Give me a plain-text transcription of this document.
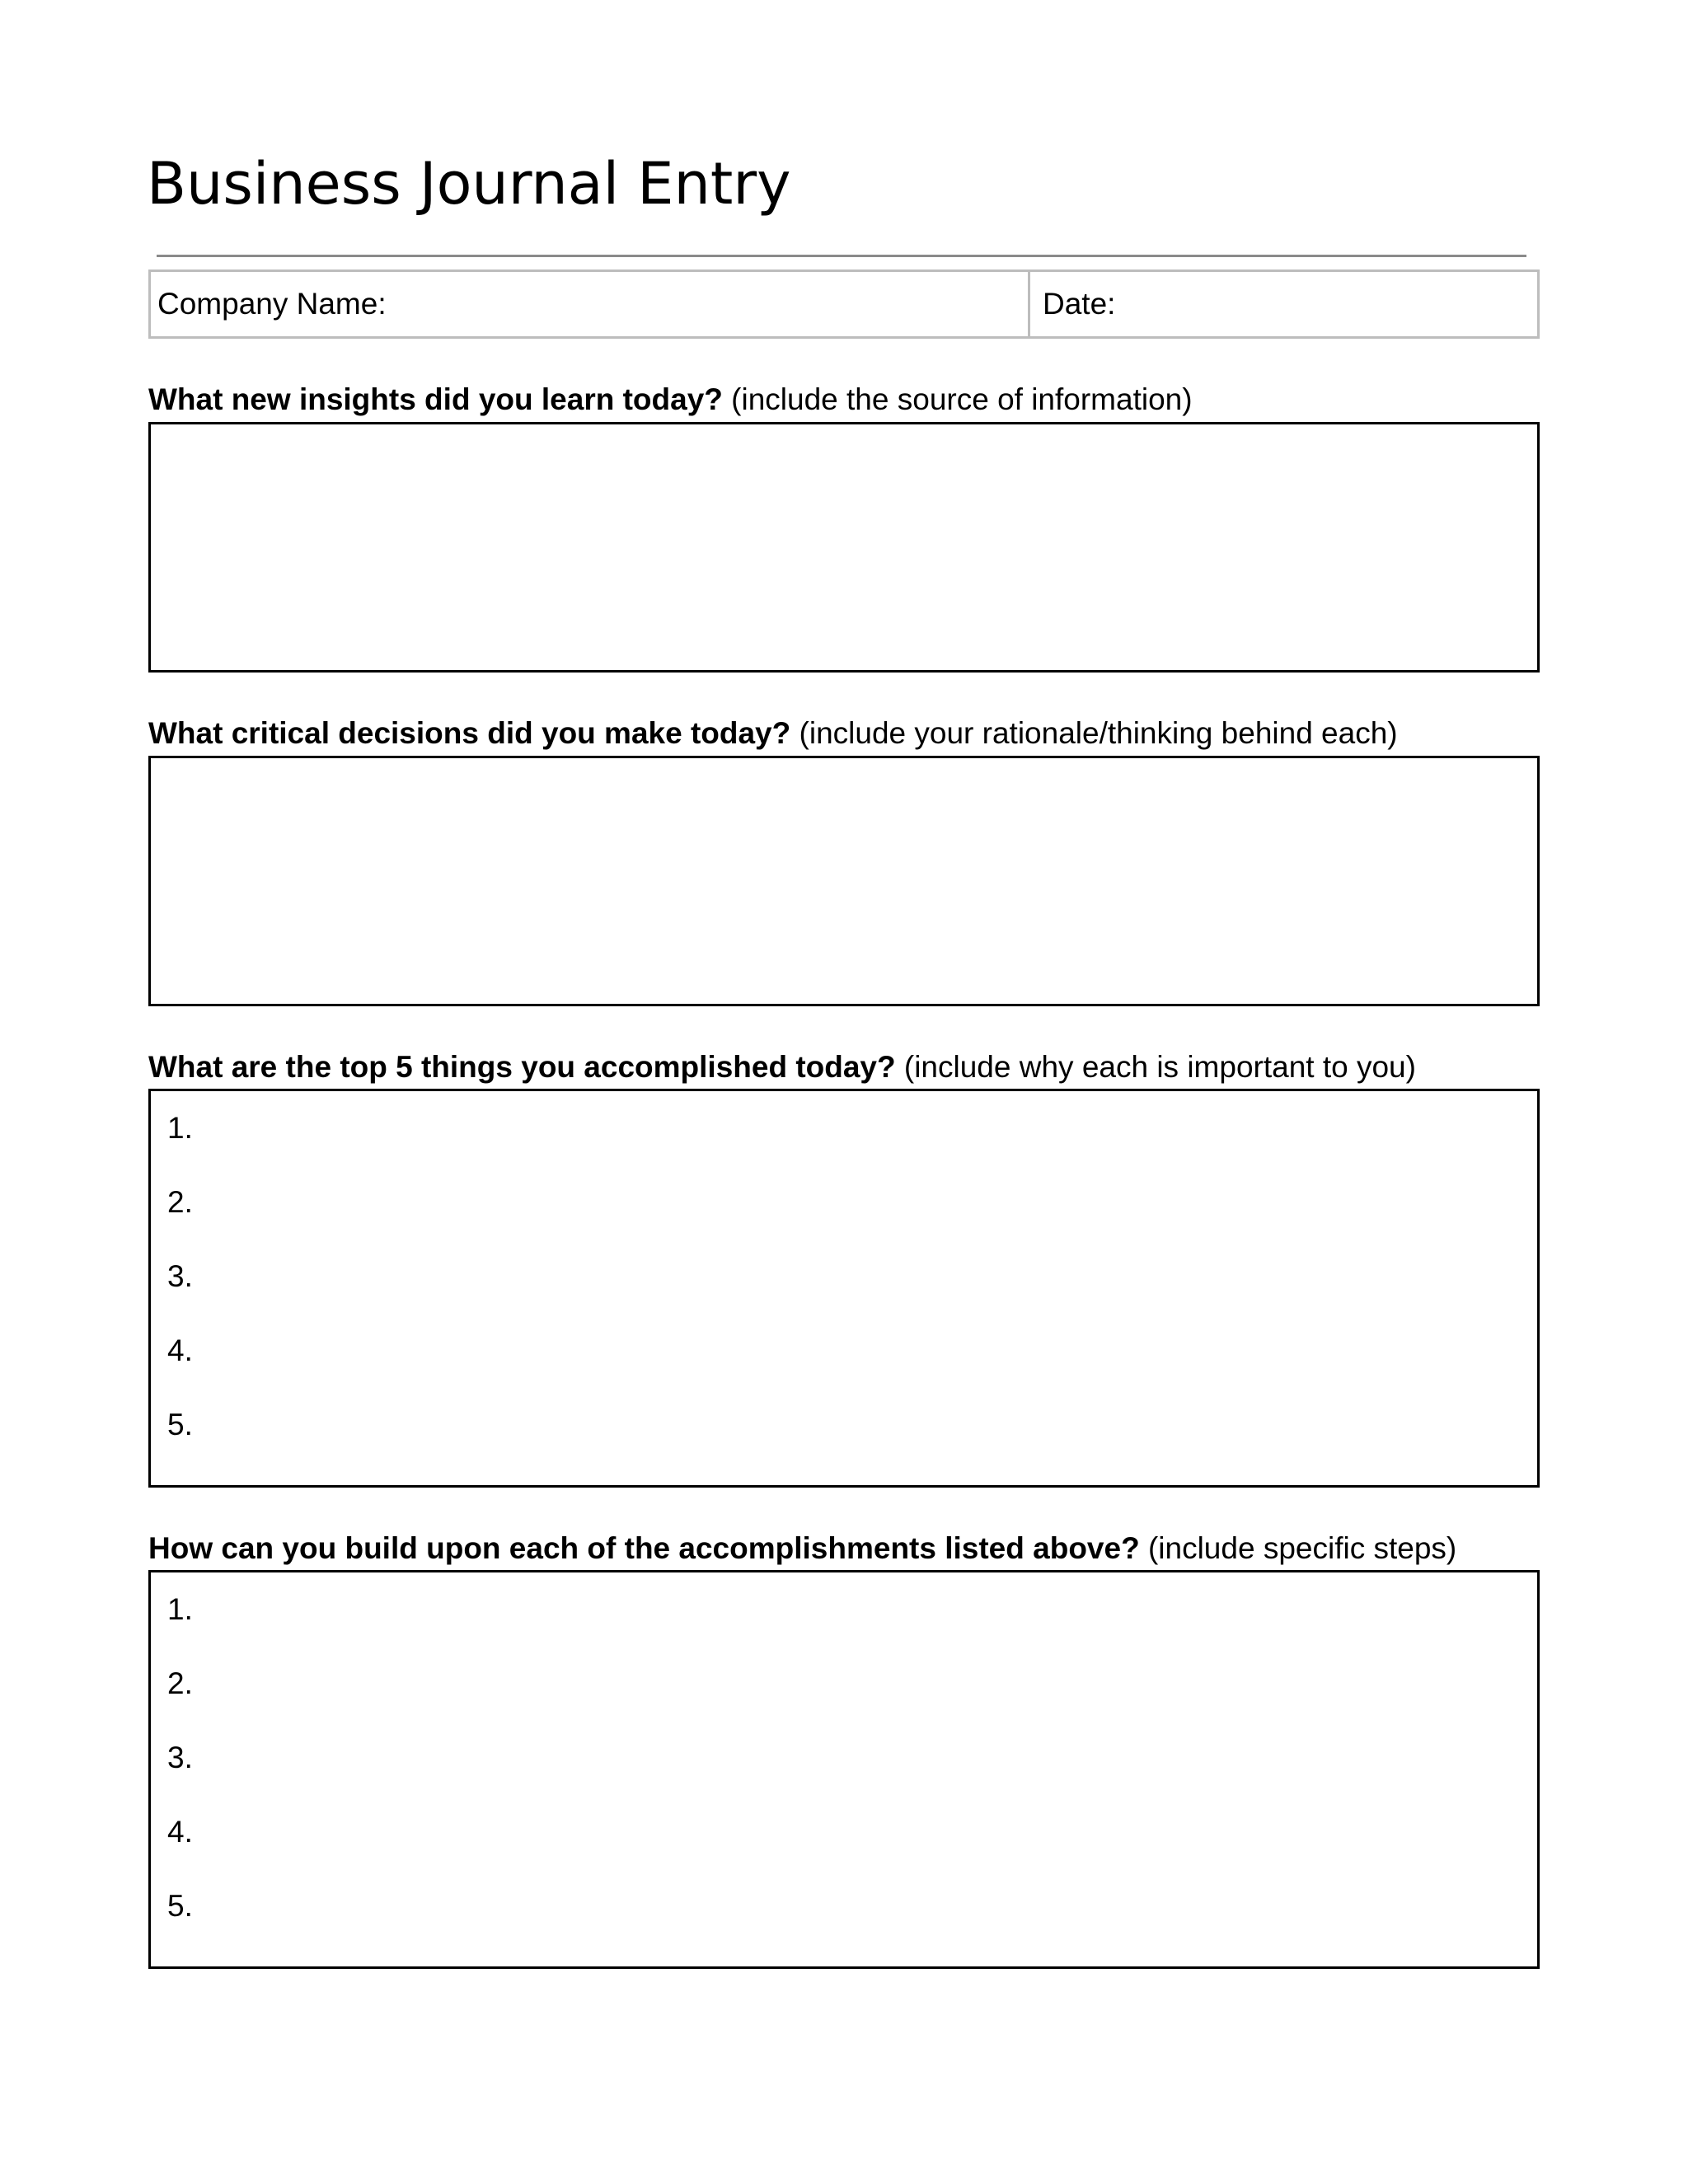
Business Journal Entry
Company Name:	Date:

What new insights did you learn today? (include the source of information)

What critical decisions did you make today? (include your rationale/thinking behind each)

What are the top 5 things you accomplished today? (include why each is important to you)

1.
2.
3.
4.
5.

How can you build upon each of the accomplishments listed above? (include specific steps)

1.
2.
3.
4.
5.
